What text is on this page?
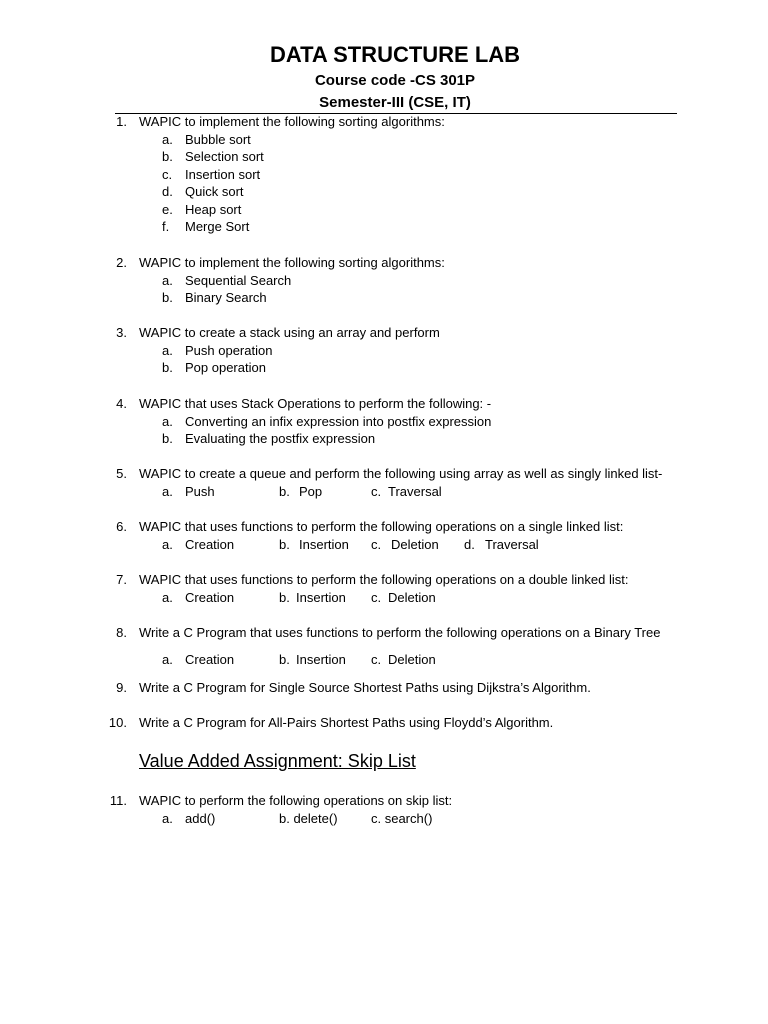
DATA STRUCTURE LAB
Course code -CS 301P
Semester-III (CSE, IT)
1. WAPIC to implement the following sorting algorithms:
a. Bubble sort
b. Selection sort
c. Insertion sort
d. Quick sort
e. Heap sort
f. Merge Sort
2. WAPIC to implement the following sorting algorithms:
a. Sequential Search
b. Binary Search
3. WAPIC to create a stack using an array and perform
a. Push operation
b. Pop operation
4. WAPIC that uses Stack Operations to perform the following: -
a. Converting an infix expression into postfix expression
b. Evaluating the postfix expression
5. WAPIC to create a queue and perform the following using array as well as singly linked list-
a. Push	b. Pop	c. Traversal
6. WAPIC that uses functions to perform the following operations on a single linked list:
a. Creation	b. Insertion c. Deletion d. Traversal
7. WAPIC that uses functions to perform the following operations on a double linked list:
a. Creation	b. Insertion c. Deletion
8. Write a C Program that uses functions to perform the following operations on a Binary Tree
a. Creation	b. Insertion c. Deletion
9. Write a C Program for Single Source Shortest Paths using Dijkstra’s Algorithm.
10. Write a C Program for All-Pairs Shortest Paths using Floydd’s Algorithm.
Value Added Assignment: Skip List
11. WAPIC to perform the following operations on skip list:
a. add()	b. delete()	c. search()
